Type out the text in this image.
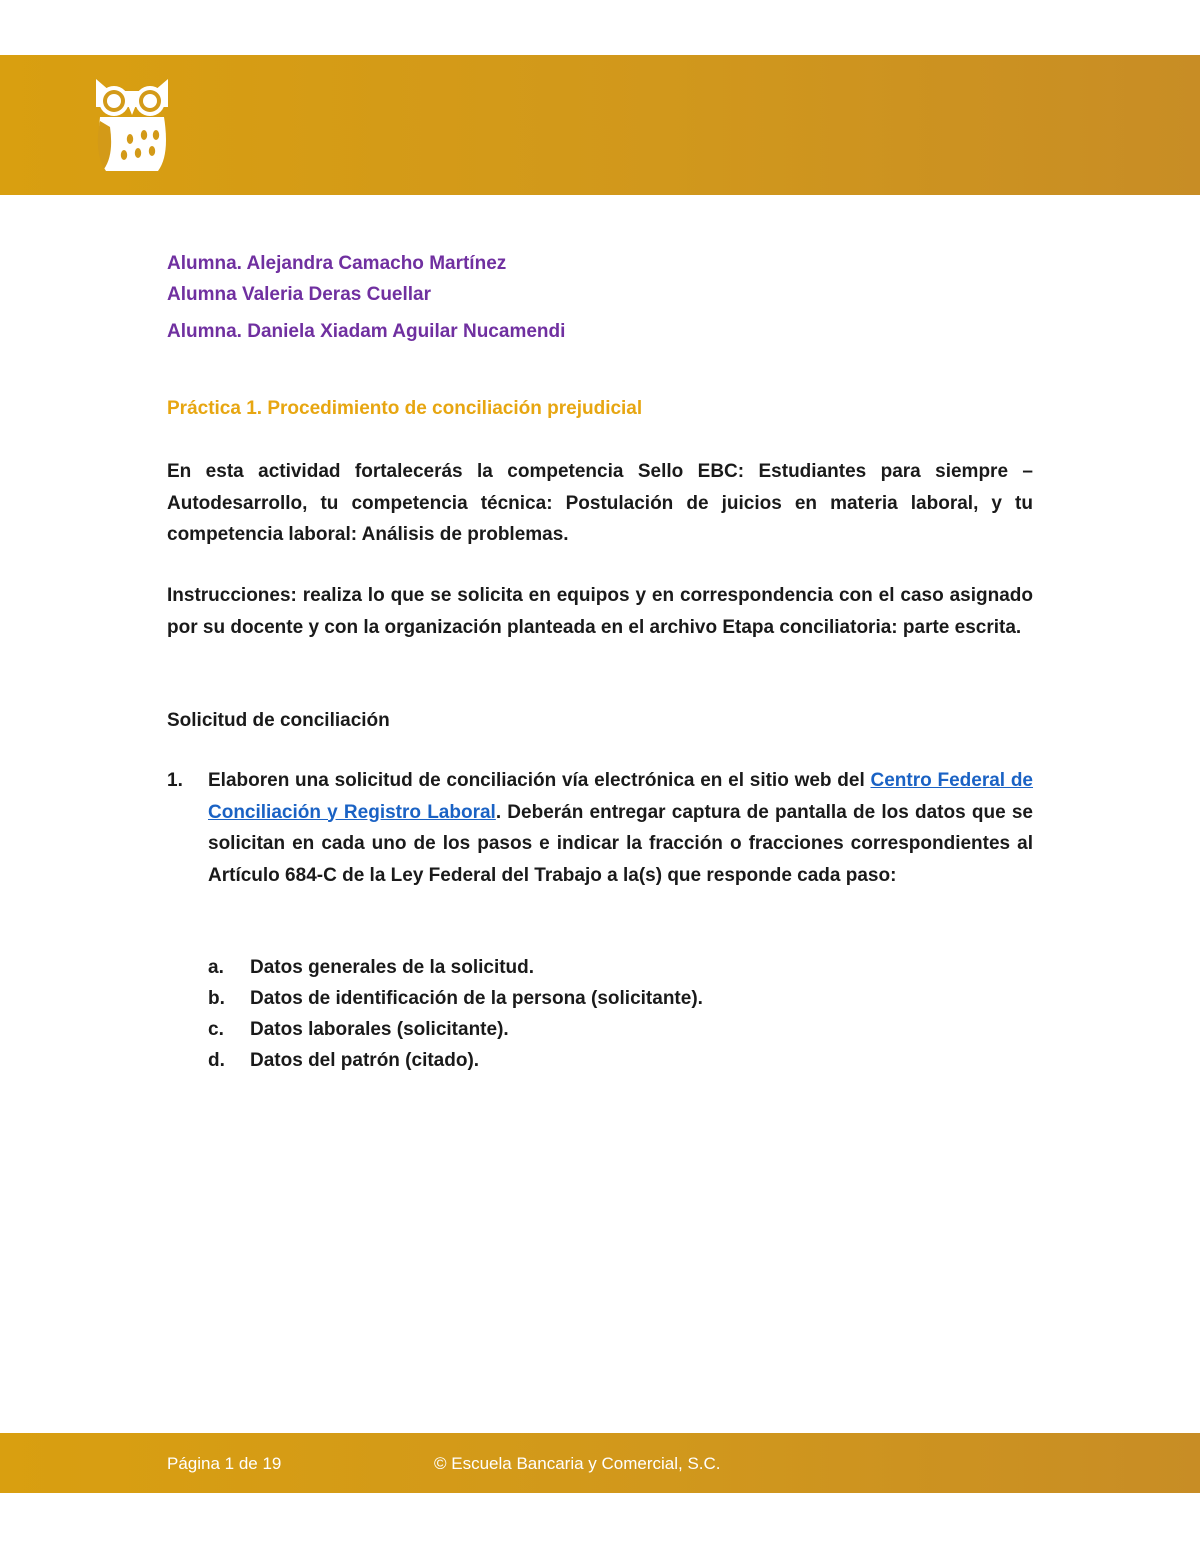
Alumna. Alejandra Camacho Martínez

Alumna Valeria Deras Cuellar

Alumna. Daniela Xiadam Aguilar Nucamendi

Práctica 1. Procedimiento de conciliación prejudicial

En esta actividad fortalecerás la competencia Sello EBC: Estudiantes para siempre – Autodesarrollo, tu competencia técnica: Postulación de juicios en materia laboral, y tu competencia laboral: Análisis de problemas.

Instrucciones: realiza lo que se solicita en equipos y en correspondencia con el caso asignado por su docente y con la organización planteada en el archivo Etapa conciliatoria: parte escrita.

Solicitud de conciliación

1. Elaboren una solicitud de conciliación vía electrónica en el sitio web del Centro Federal de Conciliación y Registro Laboral. Deberán entregar captura de pantalla de los datos que se solicitan en cada uno de los pasos e indicar la fracción o fracciones correspondientes al Artículo 684-C de la Ley Federal del Trabajo a la(s) que responde cada paso:

a. Datos generales de la solicitud.
b. Datos de identificación de la persona (solicitante).
c. Datos laborales (solicitante).
d. Datos del patrón (citado).
Página 1 de 19	© Escuela Bancaria y Comercial, S.C.
